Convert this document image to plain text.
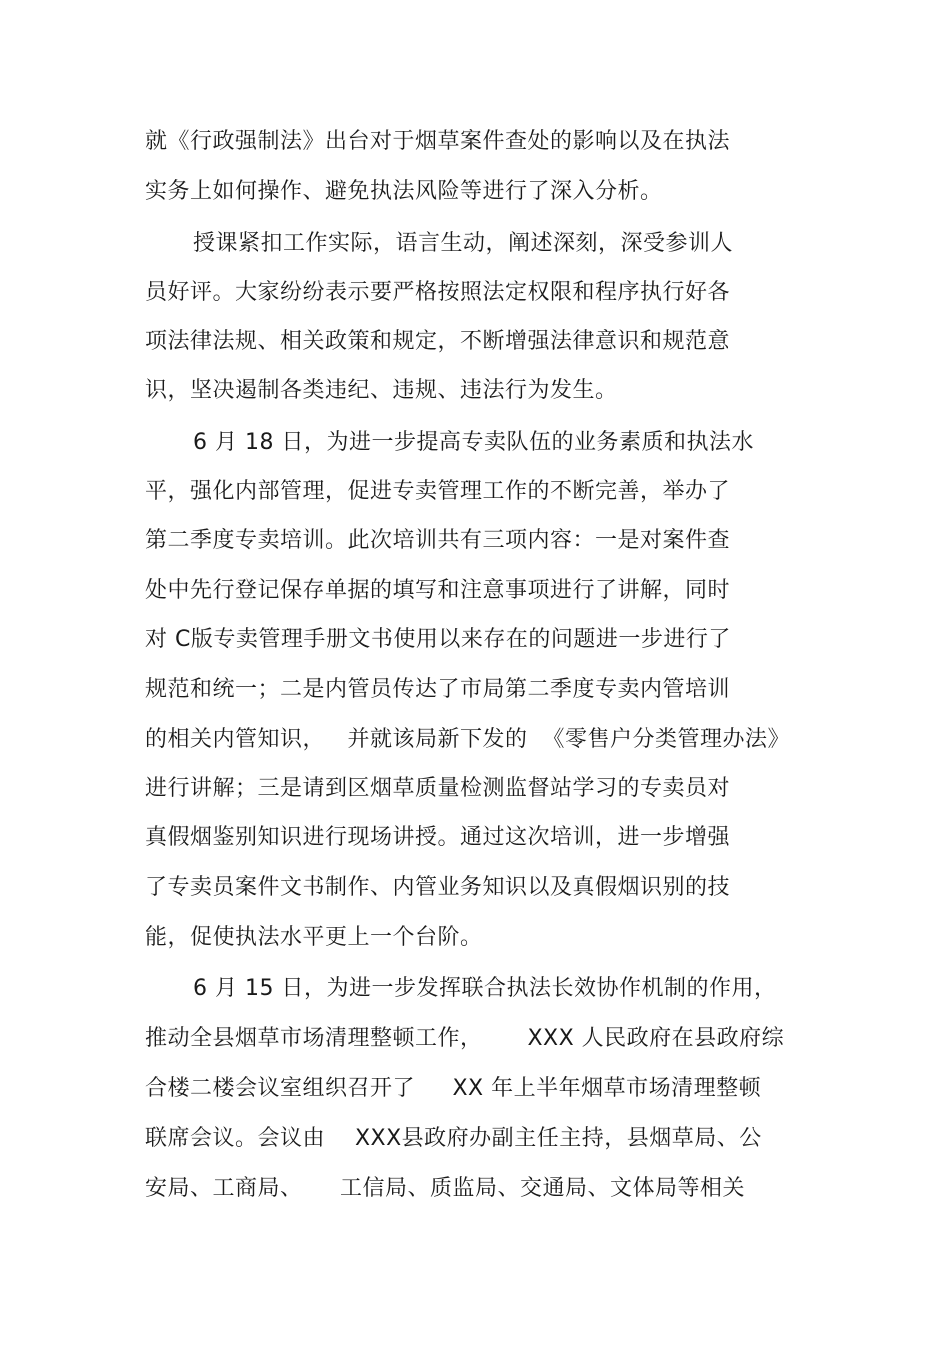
就《行政强制法》出台对于烟草案件查处的影响以及在执法
实务上如何操作、避免执法风险等进行了深入分析。
授课紧扣工作实际，语言生动，阐述深刻，深受参训人
员好评。大家纷纷表示要严格按照法定权限和程序执行好各
项法律法规、相关政策和规定，不断增强法律意识和规范意
识，坚决遏制各类违纪、违规、违法行为发生。
6 月 18 日，为进一步提高专卖队伍的业务素质和执法水
平，强化内部管理，促进专卖管理工作的不断完善，举办了
第二季度专卖培训。此次培训共有三项内容：一是对案件查
处中先行登记保存单据的填写和注意事项进行了讲解，同时
对 C版专卖管理手册文书使用以来存在的问题进一步进行了
规范和统一；二是内管员传达了市局第二季度专卖内管培训
的相关内管知识，   并就该局新下发的  《零售户分类管理办法》
进行讲解；三是请到区烟草质量检测监督站学习的专卖员对
真假烟鉴别知识进行现场讲授。通过这次培训，进一步增强
了专卖员案件文书制作、内管业务知识以及真假烟识别的技
能，促使执法水平更上一个台阶。
6 月 15 日，为进一步发挥联合执法长效协作机制的作用，
推动全县烟草市场清理整顿工作，      XXX 人民政府在县政府综
合楼二楼会议室组织召开了     XX 年上半年烟草市场清理整顿
联席会议。会议由    XXX县政府办副主任主持，县烟草局、公
安局、工商局、     工信局、质监局、交通局、文体局等相关
